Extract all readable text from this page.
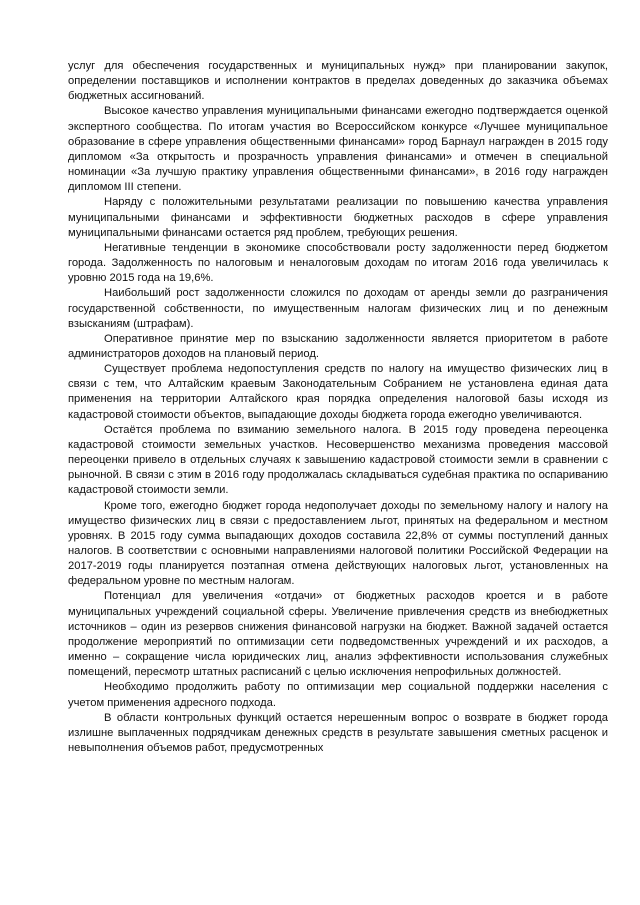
услуг для обеспечения государственных и муниципальных нужд» при планировании закупок, определении поставщиков и исполнении контрактов в пределах доведенных до заказчика объемах бюджетных ассигнований.

Высокое качество управления муниципальными финансами ежегодно подтверждается оценкой экспертного сообщества. По итогам участия во Всероссийском конкурсе «Лучшее муниципальное образование в сфере управления общественными финансами» город Барнаул награжден в 2015 году дипломом «За открытость и прозрачность управления финансами» и отмечен в специальной номинации «За лучшую практику управления общественными финансами», в 2016 году награжден дипломом III степени.

Наряду с положительными результатами реализации по повышению качества управления муниципальными финансами и эффективности бюджетных расходов в сфере управления муниципальными финансами остается ряд проблем, требующих решения.

Негативные тенденции в экономике способствовали росту задолженности перед бюджетом города. Задолженность по налоговым и неналоговым доходам по итогам 2016 года увеличилась к уровню 2015 года на 19,6%.

Наибольший рост задолженности сложился по доходам от аренды земли до разграничения государственной собственности, по имущественным налогам физических лиц и по денежным взысканиям (штрафам).

Оперативное принятие мер по взысканию задолженности является приоритетом в работе администраторов доходов на плановый период.

Существует проблема недопоступления средств по налогу на имущество физических лиц в связи с тем, что Алтайским краевым Законодательным Собранием не установлена единая дата применения на территории Алтайского края порядка определения налоговой базы исходя из кадастровой стоимости объектов, выпадающие доходы бюджета города ежегодно увеличиваются.

Остаётся проблема по взиманию земельного налога. В 2015 году проведена переоценка кадастровой стоимости земельных участков. Несовершенство механизма проведения массовой переоценки привело в отдельных случаях к завышению кадастровой стоимости земли в сравнении с рыночной. В связи с этим в 2016 году продолжалась складываться судебная практика по оспариванию кадастровой стоимости земли.

Кроме того, ежегодно бюджет города недополучает доходы по земельному налогу и налогу на имущество физических лиц в связи с предоставлением льгот, принятых на федеральном и местном уровнях. В 2015 году сумма выпадающих доходов составила 22,8% от суммы поступлений данных налогов. В соответствии с основными направлениями налоговой политики Российской Федерации на 2017-2019 годы планируется поэтапная отмена действующих налоговых льгот, установленных на федеральном уровне по местным налогам.

Потенциал для увеличения «отдачи» от бюджетных расходов кроется и в работе муниципальных учреждений социальной сферы. Увеличение привлечения средств из внебюджетных источников – один из резервов снижения финансовой нагрузки на бюджет. Важной задачей остается продолжение мероприятий по оптимизации сети подведомственных учреждений и их расходов, а именно – сокращение числа юридических лиц, анализ эффективности использования служебных помещений, пересмотр штатных расписаний с целью исключения непрофильных должностей.

Необходимо продолжить работу по оптимизации мер социальной поддержки населения с учетом применения адресного подхода.

В области контрольных функций остается нерешенным вопрос о возврате в бюджет города излишне выплаченных подрядчикам денежных средств в результате завышения сметных расценок и невыполнения объемов работ, предусмотренных
